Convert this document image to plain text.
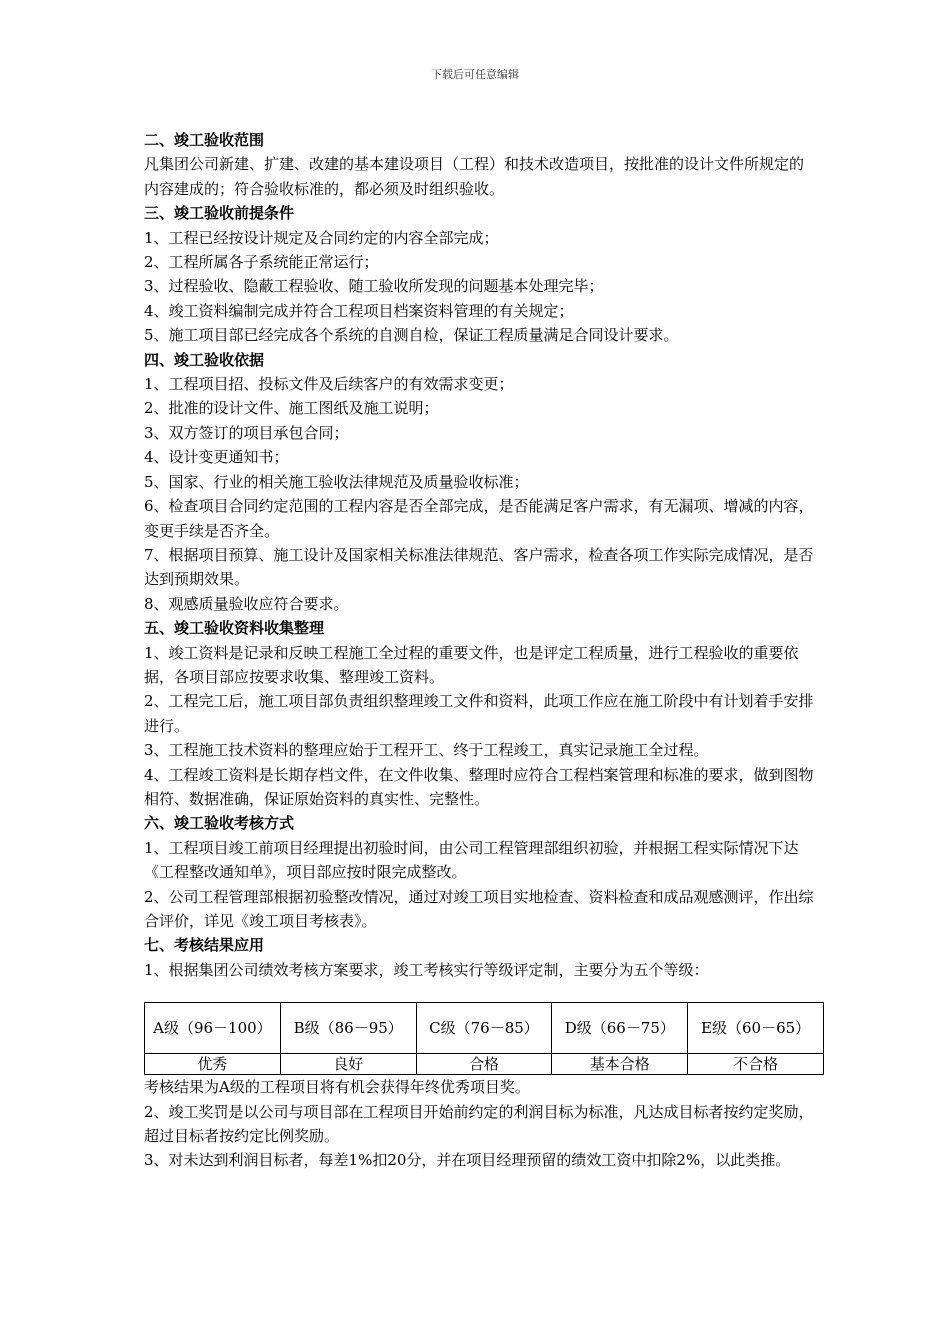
下载后可任意编辑
二、竣工验收范围

凡集团公司新建、扩建、改建的基本建设项目（工程）和技术改造项目，按批准的设计文件所规定的内容建成的；符合验收标准的，都必须及时组织验收。

三、竣工验收前提条件

1、工程已经按设计规定及合同约定的内容全部完成；

2、工程所属各子系统能正常运行；

3、过程验收、隐蔽工程验收、随工验收所发现的问题基本处理完毕；

4、竣工资料编制完成并符合工程项目档案资料管理的有关规定；

5、施工项目部已经完成各个系统的自测自检，保证工程质量满足合同设计要求。

四、竣工验收依据

1、工程项目招、投标文件及后续客户的有效需求变更；

2、批准的设计文件、施工图纸及施工说明；

3、双方签订的项目承包合同；

4、设计变更通知书；

5、国家、行业的相关施工验收法律规范及质量验收标准；

6、检查项目合同约定范围的工程内容是否全部完成，是否能满足客户需求，有无漏项、增减的内容，变更手续是否齐全。

7、根据项目预算、施工设计及国家相关标准法律规范、客户需求，检查各项工作实际完成情况，是否达到预期效果。

8、观感质量验收应符合要求。

五、竣工验收资料收集整理

1、竣工资料是记录和反映工程施工全过程的重要文件，也是评定工程质量，进行工程验收的重要依据，各项目部应按要求收集、整理竣工资料。

2、工程完工后，施工项目部负责组织整理竣工文件和资料，此项工作应在施工阶段中有计划着手安排进行。

3、工程施工技术资料的整理应始于工程开工、终于工程竣工，真实记录施工全过程。

4、工程竣工资料是长期存档文件，在文件收集、整理时应符合工程档案管理和标准的要求，做到图物相符、数据准确，保证原始资料的真实性、完整性。

六、竣工验收考核方式

1、工程项目竣工前项目经理提出初验时间，由公司工程管理部组织初验，并根据工程实际情况下达《工程整改通知单》，项目部应按时限完成整改。

2、公司工程管理部根据初验整改情况，通过对竣工项目实地检查、资料检查和成品观感测评，作出综合评价，详见《竣工项目考核表》。

七、考核结果应用

1、根据集团公司绩效考核方案要求，竣工考核实行等级评定制，主要分为五个等级：

A级（96－100）	B级（86－95）	C级（76－85）	D级（66－75）	E级（60－65）
优秀	良好	合格	基本合格	不合格

考核结果为A级的工程项目将有机会获得年终优秀项目奖。

2、竣工奖罚是以公司与项目部在工程项目开始前约定的利润目标为标准，凡达成目标者按约定奖励，超过目标者按约定比例奖励。

3、对未达到利润目标者，每差1%扣20分，并在项目经理预留的绩效工资中扣除2%，以此类推。
